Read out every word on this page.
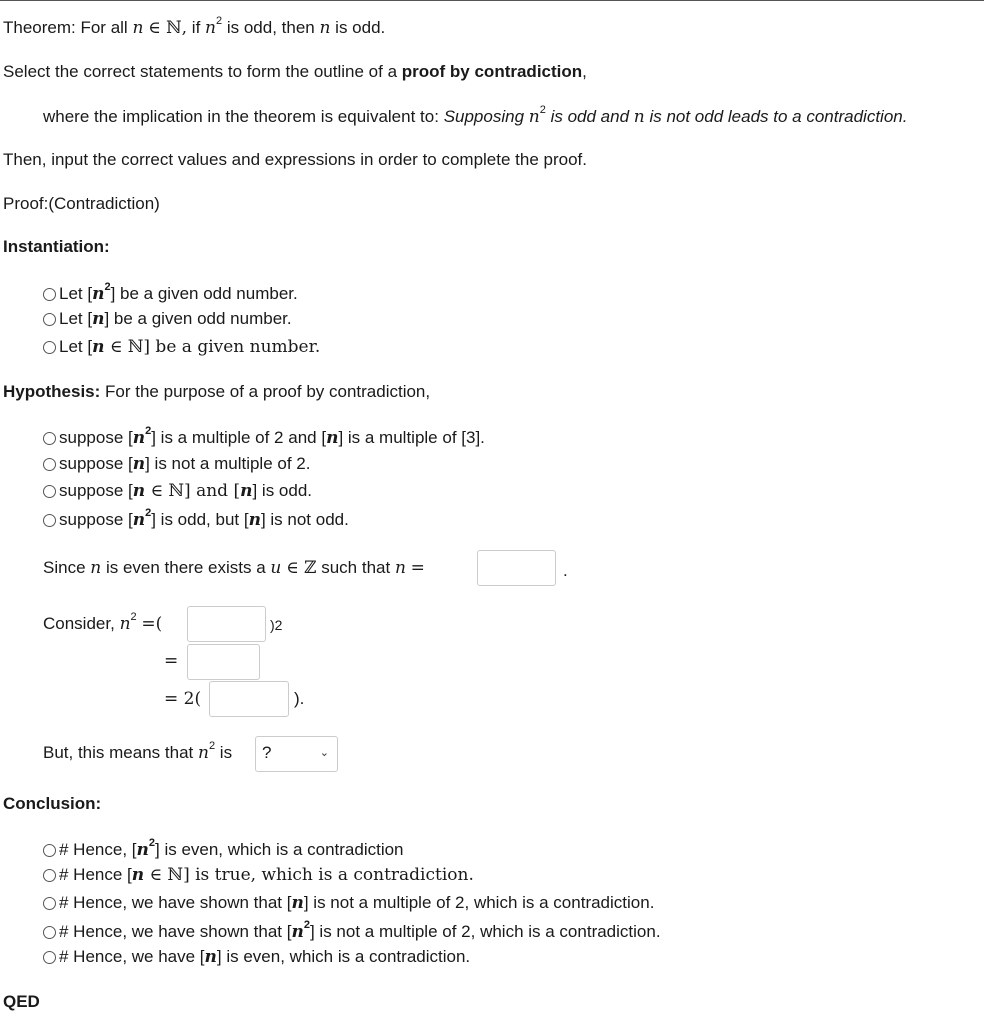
Theorem: For all n ∈ ℕ, if $n^2$ is odd, then n is odd.
Select the correct statements to form the outline of a proof by contradiction,
where the implication in the theorem is equivalent to: Supposing $n^2$ is odd and n is not odd leads to a contradiction.
Then, input the correct values and expressions in order to complete the proof.
Proof:(Contradiction)
Instantiation:
Let $[n^2]$ be a given odd number.
Let [n] be a given odd number.
Let [n ∈ ℕ] be a given number.
Hypothesis: For the purpose of a proof by contradiction,
suppose $[n^2]$ is a multiple of 2 and [n] is a multiple of [3].
suppose [n] is not a multiple of 2.
suppose [n ∈ ℕ] and [n] is odd.
suppose $[n^2]$ is odd, but [n] is not odd.
Since n is even there exists a u ∈ ℤ such that n =	.
Consider, $n^2$ =(	)2
=
= 2(	).
But, this means that $n^2$ is	?	⌄
Conclusion:
# Hence, $[n^2]$ is even, which is a contradiction
# Hence [n ∈ ℕ] is true, which is a contradiction.
# Hence, we have shown that [n] is not a multiple of 2, which is a contradiction.
# Hence, we have shown that $[n^2]$ is not a multiple of 2, which is a contradiction.
# Hence, we have [n] is even, which is a contradiction.
QED
